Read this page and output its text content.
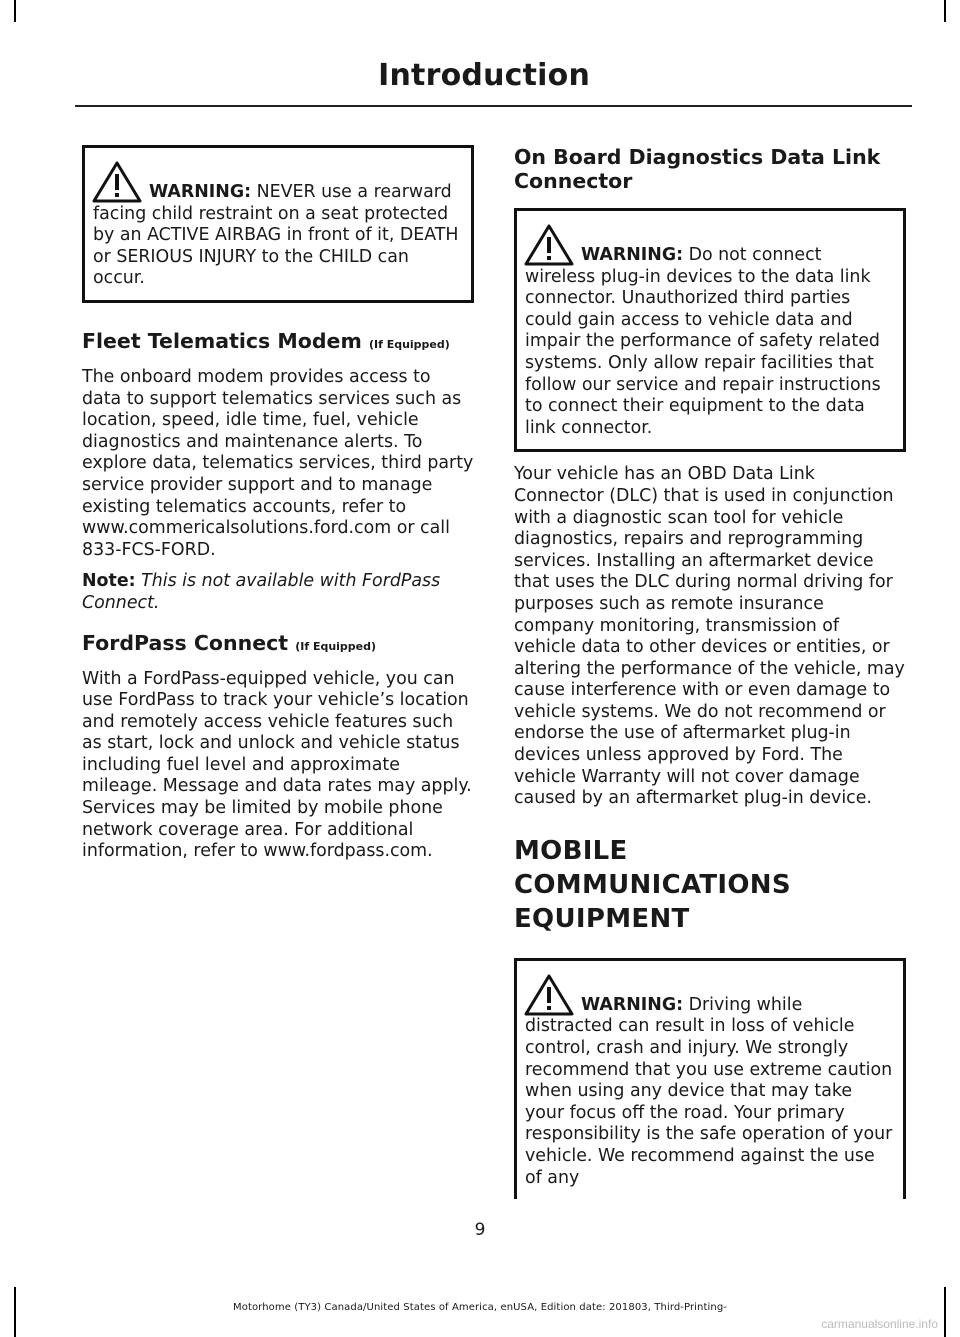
Introduction
WARNING: NEVER use a rearward facing child restraint on a seat protected by an ACTIVE AIRBAG in front of it, DEATH or SERIOUS INJURY to the CHILD can occur.

Fleet Telematics Modem (If Equipped)

The onboard modem provides access to data to support telematics services such as location, speed, idle time, fuel, vehicle diagnostics and maintenance alerts. To explore data, telematics services, third party service provider support and to manage existing telematics accounts, refer to www.commericalsolutions.ford.com or call 833-FCS-FORD.

Note: This is not available with FordPass Connect.

FordPass Connect (If Equipped)

With a FordPass-equipped vehicle, you can use FordPass to track your vehicle’s location and remotely access vehicle features such as start, lock and unlock and vehicle status including fuel level and approximate mileage. Message and data rates may apply. Services may be limited by mobile phone network coverage area. For additional information, refer to www.fordpass.com.

On Board Diagnostics Data Link
Connector

WARNING: Do not connect wireless plug-in devices to the data link connector. Unauthorized third parties could gain access to vehicle data and impair the performance of safety related systems. Only allow repair facilities that follow our service and repair instructions to connect their equipment to the data link connector.

Your vehicle has an OBD Data Link Connector (DLC) that is used in conjunction with a diagnostic scan tool for vehicle diagnostics, repairs and reprogramming services. Installing an aftermarket device that uses the DLC during normal driving for purposes such as remote insurance company monitoring, transmission of vehicle data to other devices or entities, or altering the performance of the vehicle, may cause interference with or even damage to vehicle systems. We do not recommend or endorse the use of aftermarket plug-in devices unless approved by Ford. The vehicle Warranty will not cover damage caused by an aftermarket plug-in device.

MOBILE COMMUNICATIONS

EQUIPMENT

WARNING: Driving while distracted can result in loss of vehicle control, crash and injury. We strongly recommend that you use extreme caution when using any device that may take your focus off the road. Your primary responsibility is the safe operation of your vehicle. We recommend against the use of any
9
Motorhome (TY3) Canada/United States of America, enUSA, Edition date: 201803, Third-Printing-
carmanualsonline.info
